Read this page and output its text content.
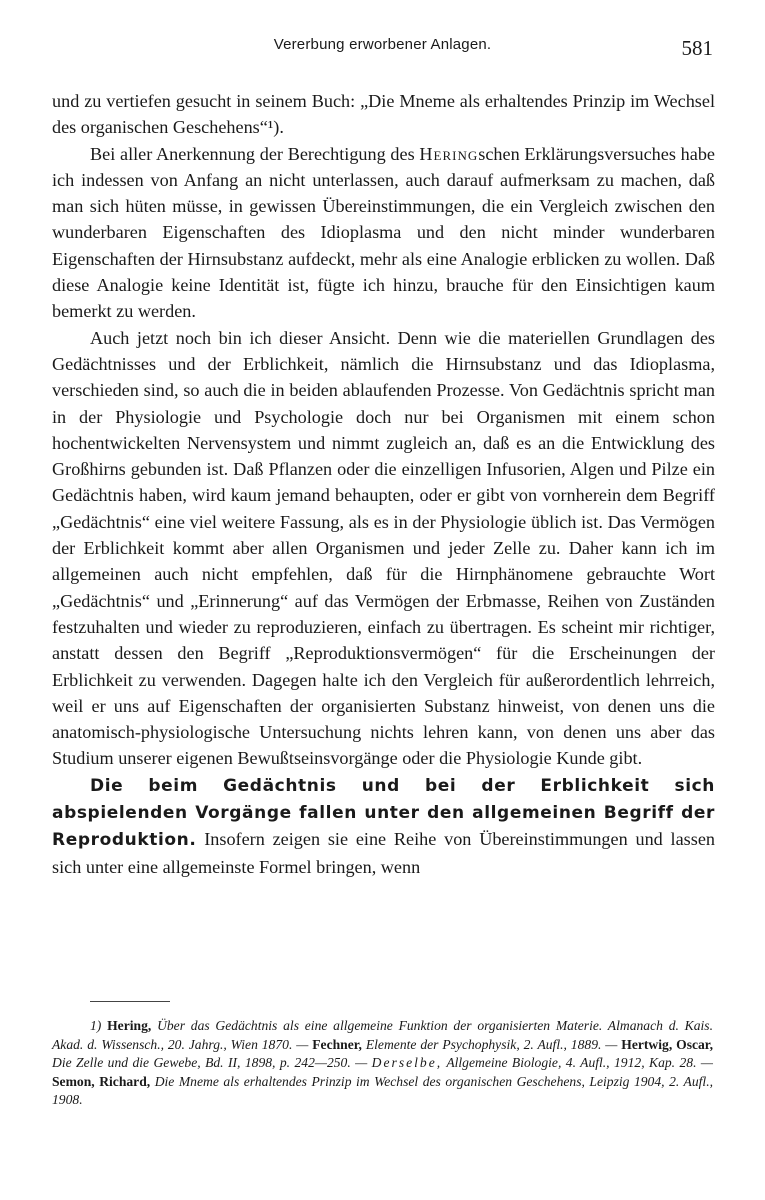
Vererbung erworbener Anlagen.	581

und zu vertiefen gesucht in seinem Buch: „Die Mneme als erhaltendes Prinzip im Wechsel des organischen Geschehens“¹).

Bei aller Anerkennung der Berechtigung des Heringschen Erklärungsversuches habe ich indessen von Anfang an nicht unterlassen, auch darauf aufmerksam zu machen, daß man sich hüten müsse, in gewissen Übereinstimmungen, die ein Vergleich zwischen den wunderbaren Eigenschaften des Idioplasma und den nicht minder wunderbaren Eigenschaften der Hirnsubstanz aufdeckt, mehr als eine Analogie erblicken zu wollen. Daß diese Analogie keine Identität ist, fügte ich hinzu, brauche für den Einsichtigen kaum bemerkt zu werden.

Auch jetzt noch bin ich dieser Ansicht. Denn wie die materiellen Grundlagen des Gedächtnisses und der Erblichkeit, nämlich die Hirnsubstanz und das Idioplasma, verschieden sind, so auch die in beiden ablaufenden Prozesse. Von Gedächtnis spricht man in der Physiologie und Psychologie doch nur bei Organismen mit einem schon hochentwickelten Nervensystem und nimmt zugleich an, daß es an die Entwicklung des Großhirns gebunden ist. Daß Pflanzen oder die einzelligen Infusorien, Algen und Pilze ein Gedächtnis haben, wird kaum jemand behaupten, oder er gibt von vornherein dem Begriff „Gedächtnis“ eine viel weitere Fassung, als es in der Physiologie üblich ist. Das Vermögen der Erblichkeit kommt aber allen Organismen und jeder Zelle zu. Daher kann ich im allgemeinen auch nicht empfehlen, daß für die Hirnphänomene gebrauchte Wort „Gedächtnis“ und „Erinnerung“ auf das Vermögen der Erbmasse, Reihen von Zuständen festzuhalten und wieder zu reproduzieren, einfach zu übertragen. Es scheint mir richtiger, anstatt dessen den Begriff „Reproduktionsvermögen“ für die Erscheinungen der Erblichkeit zu verwenden. Dagegen halte ich den Vergleich für außerordentlich lehrreich, weil er uns auf Eigenschaften der organisierten Substanz hinweist, von denen uns die anatomisch-physiologische Untersuchung nichts lehren kann, von denen uns aber das Studium unserer eigenen Bewußtseinsvorgänge oder die Physiologie Kunde gibt.

Die beim Gedächtnis und bei der Erblichkeit sich abspielenden Vorgänge fallen unter den allgemeinen Begriff der Reproduktion. Insofern zeigen sie eine Reihe von Übereinstimmungen und lassen sich unter eine allgemeinste Formel bringen, wenn

1) Hering, Über das Gedächtnis als eine allgemeine Funktion der organisierten Materie. Almanach d. Kais. Akad. d. Wissensch., 20. Jahrg., Wien 1870. — Fechner, Elemente der Psychophysik, 2. Aufl., 1889. — Hertwig, Oscar, Die Zelle und die Gewebe, Bd. II, 1898, p. 242—250. — Derselbe, Allgemeine Biologie, 4. Aufl., 1912, Kap. 28. — Semon, Richard, Die Mneme als erhaltendes Prinzip im Wechsel des organischen Geschehens, Leipzig 1904, 2. Aufl., 1908.
